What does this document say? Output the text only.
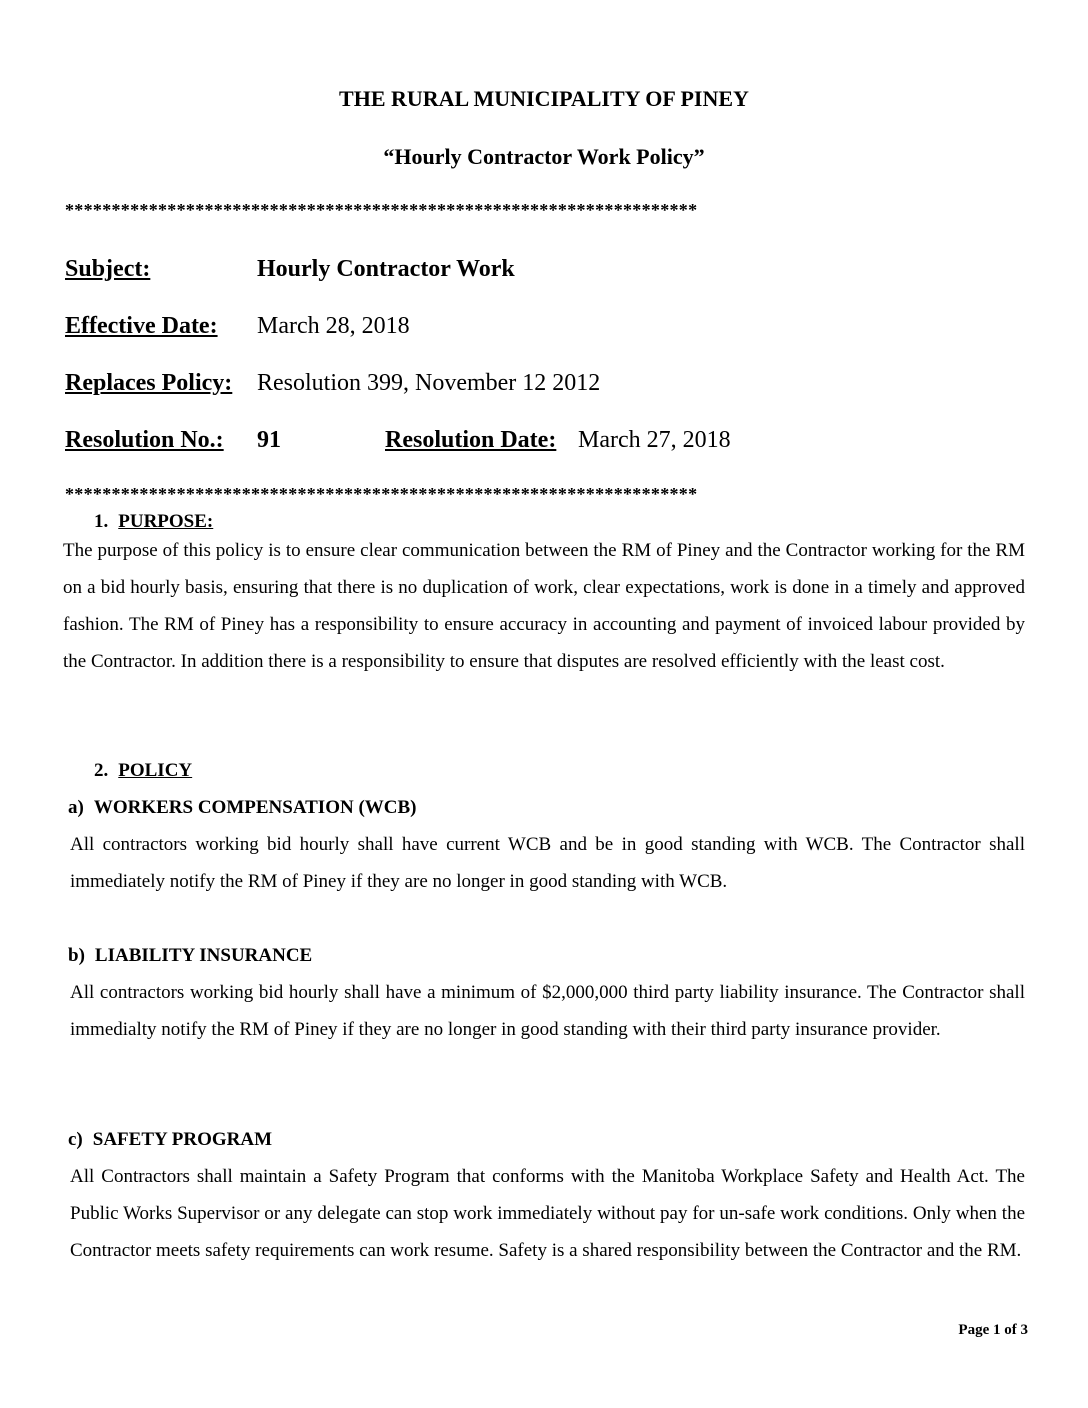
THE RURAL MUNICIPALITY OF PINEY
“Hourly Contractor Work Policy”
********************************************************************
Subject:	Hourly Contractor Work
Effective Date: March 28, 2018
Replaces Policy: Resolution 399, November 12 2012
Resolution No.: 91	Resolution Date: March 27, 2018
********************************************************************
1. PURPOSE:
The purpose of this policy is to ensure clear communication between the RM of Piney and the Contractor working for the RM on a bid hourly basis, ensuring that there is no duplication of work, clear expectations, work is done in a timely and approved fashion. The RM of Piney has a responsibility to ensure accuracy in accounting and payment of invoiced labour provided by the Contractor. In addition there is a responsibility to ensure that disputes are resolved efficiently with the least cost.
2. POLICY
a) WORKERS COMPENSATION (WCB)
All contractors working bid hourly shall have current WCB and be in good standing with WCB. The Contractor shall immediately notify the RM of Piney if they are no longer in good standing with WCB.
b) LIABILITY INSURANCE
All contractors working bid hourly shall have a minimum of $2,000,000 third party liability insurance. The Contractor shall immedialty notify the RM of Piney if they are no longer in good standing with their third party insurance provider.
c) SAFETY PROGRAM
All Contractors shall maintain a Safety Program that conforms with the Manitoba Workplace Safety and Health Act. The Public Works Supervisor or any delegate can stop work immediately without pay for un-safe work conditions. Only when the Contractor meets safety requirements can work resume. Safety is a shared responsibility between the Contractor and the RM.
Page 1 of 3
